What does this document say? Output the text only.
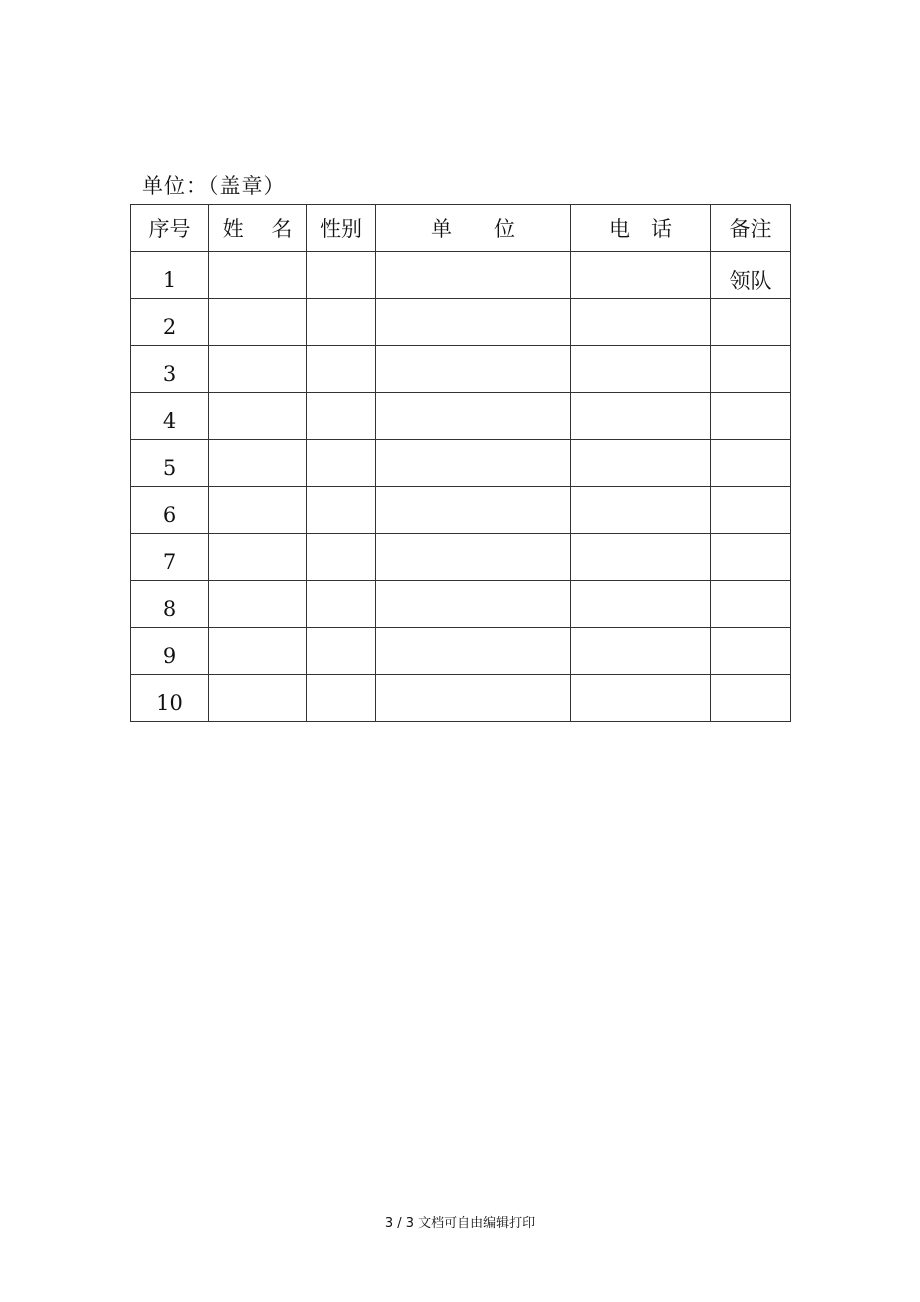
单位：（盖章）
序号	姓　 名	性别	单　　位	电　话	备注
1					领队
2					
3					
4					
5					
6					
7					
8					
9					
10					
3 / 3 文档可自由编辑打印
